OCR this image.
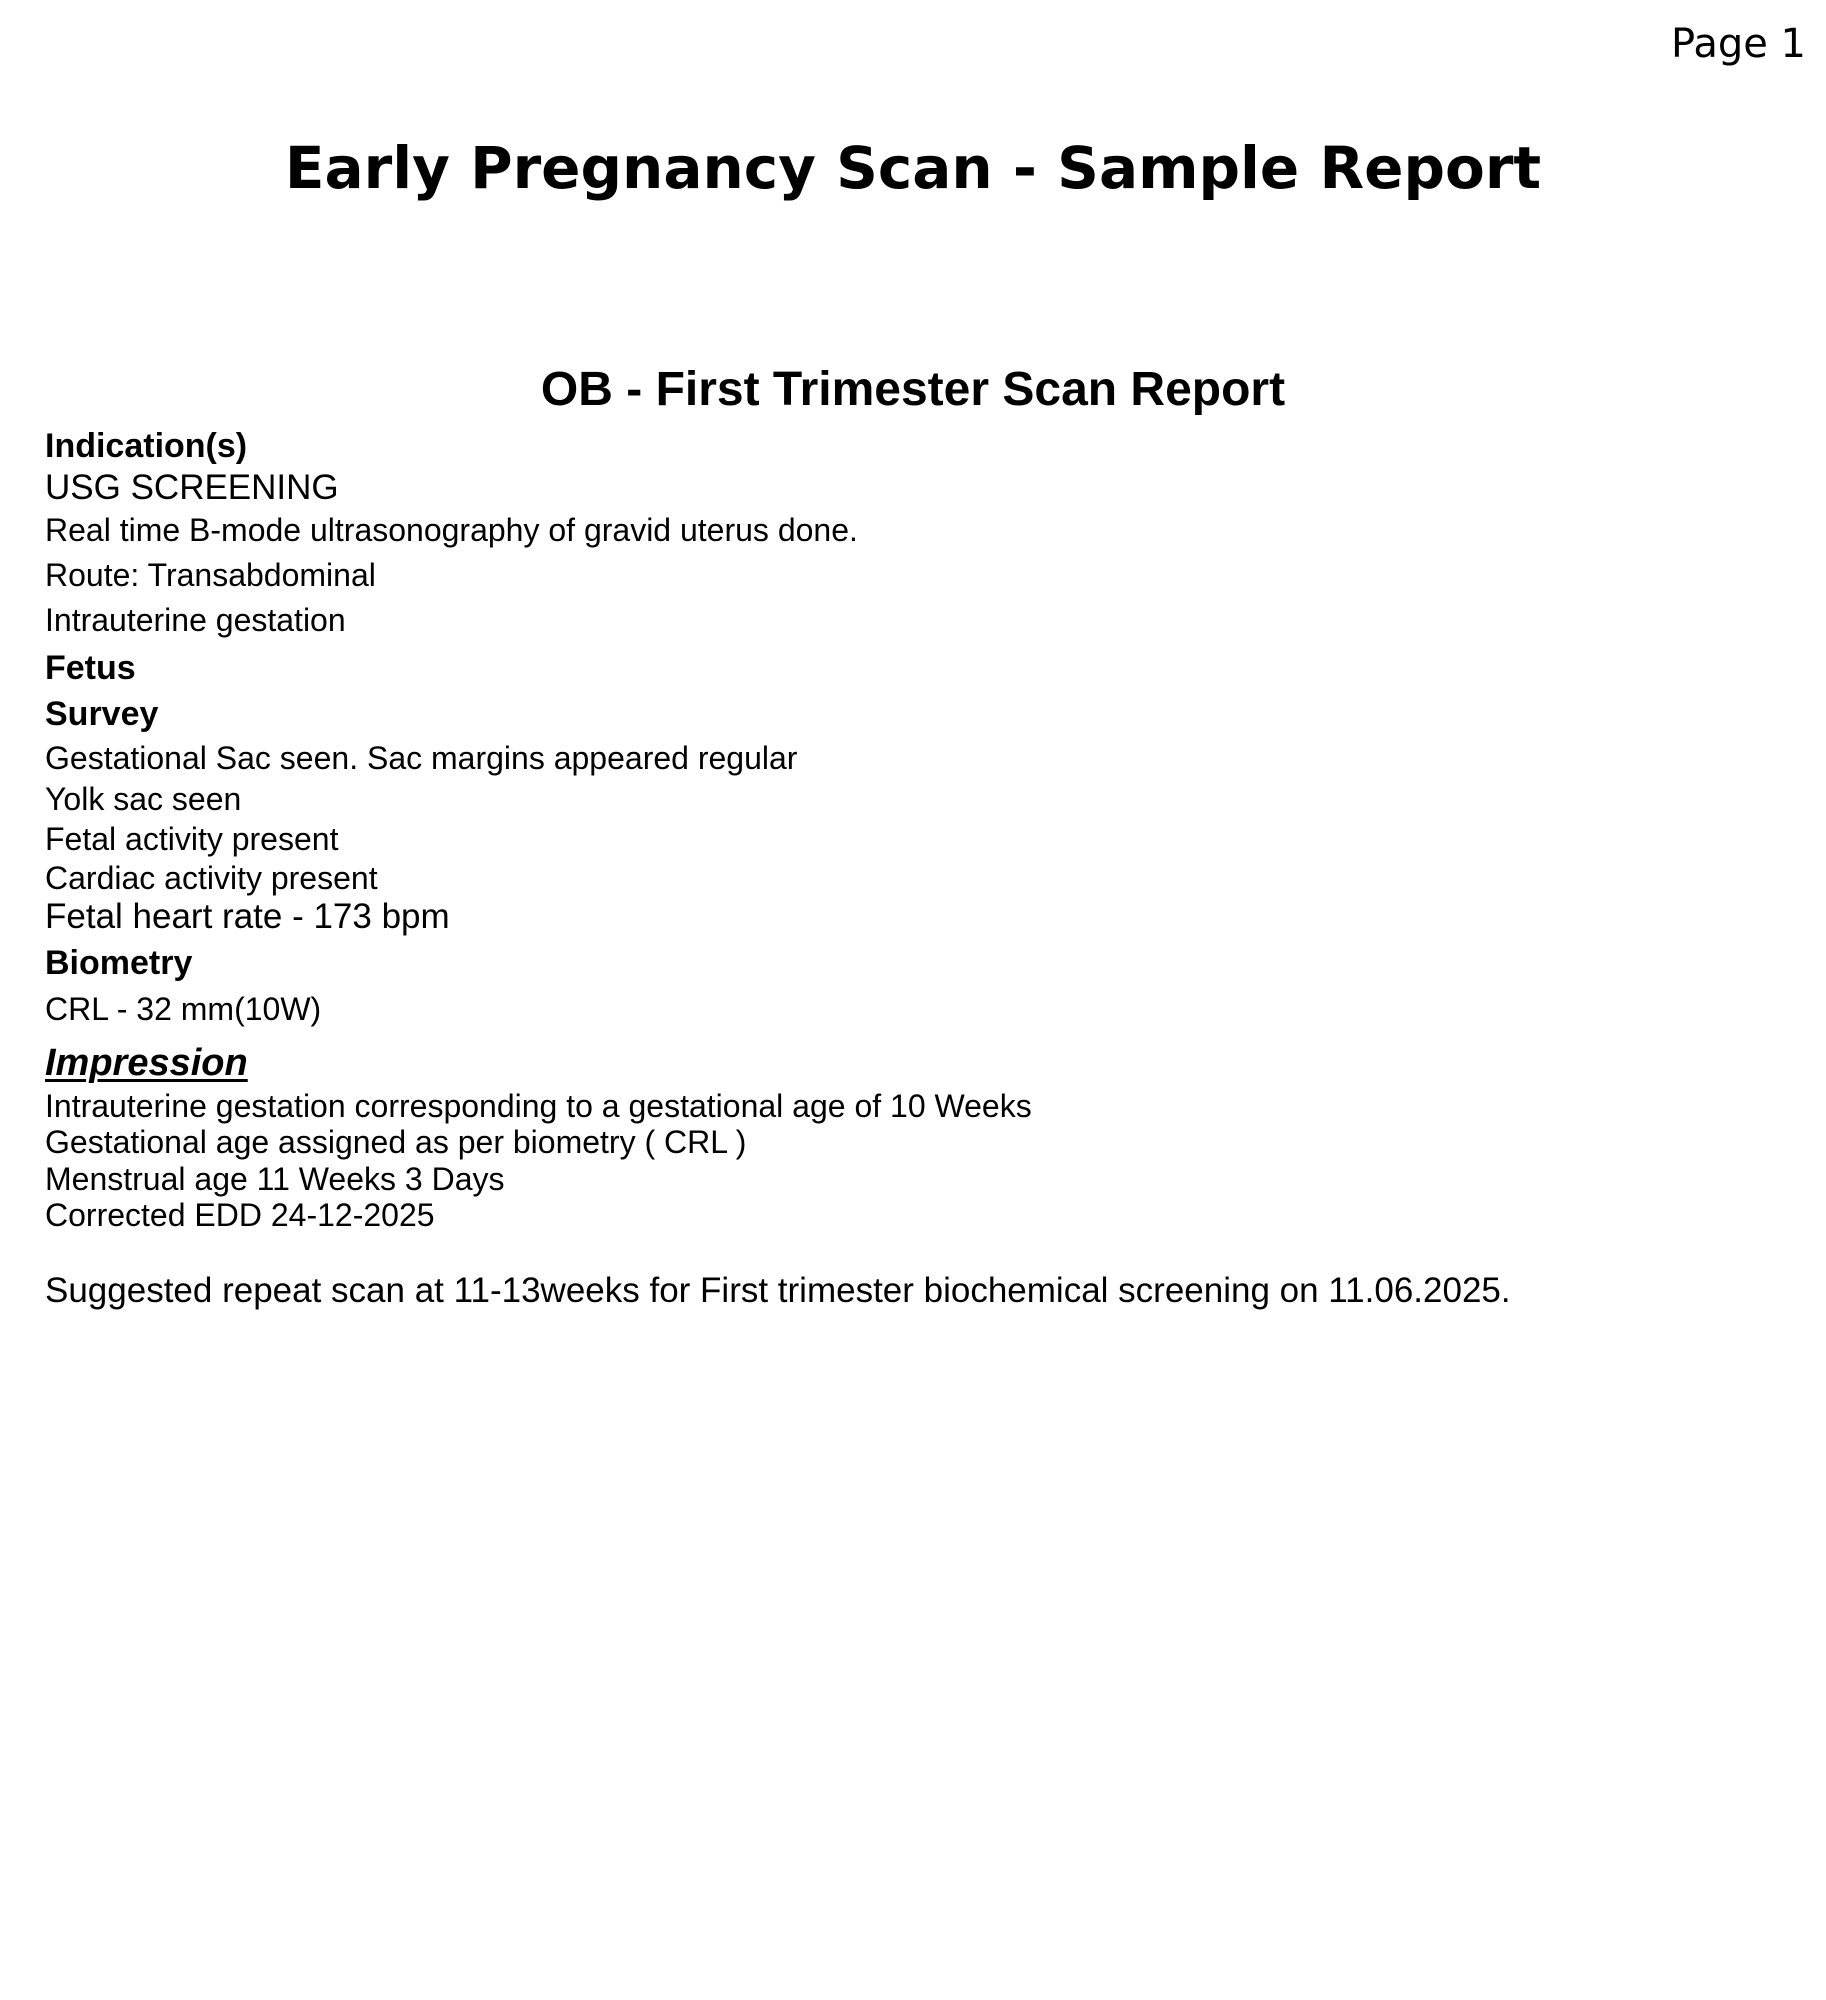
Page 1
Early Pregnancy Scan - Sample Report
OB - First Trimester Scan Report
Indication(s)
USG SCREENING
Real time B-mode ultrasonography of gravid uterus done.
Route: Transabdominal
Intrauterine gestation
Fetus
Survey
Gestational Sac seen. Sac margins appeared regular
Yolk sac seen
Fetal activity present
Cardiac activity present
Fetal heart rate - 173 bpm
Biometry
CRL - 32 mm(10W)
Impression
Intrauterine gestation corresponding to a gestational age of 10 Weeks
Gestational age assigned as per biometry ( CRL )
Menstrual age 11 Weeks 3 Days
Corrected EDD 24-12-2025
Suggested repeat scan at 11-13weeks for First trimester biochemical screening on 11.06.2025.
